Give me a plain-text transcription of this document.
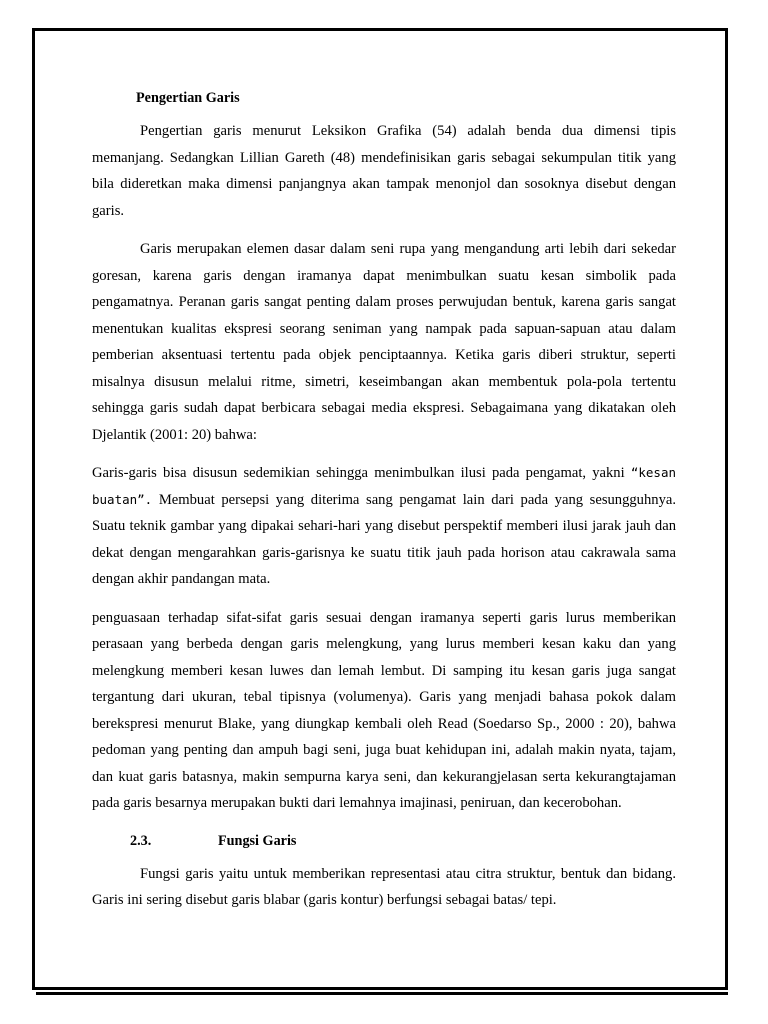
Pengertian Garis

Pengertian garis menurut Leksikon Grafika (54) adalah benda dua dimensi tipis memanjang. Sedangkan Lillian Gareth (48) mendefinisikan garis sebagai sekumpulan titik yang bila dideretkan maka dimensi panjangnya akan tampak menonjol dan sosoknya disebut dengan garis.

Garis merupakan elemen dasar dalam seni rupa yang mengandung arti lebih dari sekedar goresan, karena garis dengan iramanya dapat menimbulkan suatu kesan simbolik pada pengamatnya. Peranan garis sangat penting dalam proses perwujudan bentuk, karena garis sangat menentukan kualitas ekspresi seorang seniman yang nampak pada sapuan-sapuan atau dalam pemberian aksentuasi tertentu pada objek penciptaannya. Ketika garis diberi struktur, seperti misalnya disusun melalui ritme, simetri, keseimbangan akan membentuk pola-pola tertentu sehingga garis sudah dapat berbicara sebagai media ekspresi. Sebagaimana yang dikatakan oleh Djelantik (2001: 20) bahwa:

Garis-garis bisa disusun sedemikian sehingga menimbulkan ilusi pada pengamat, yakni “kesan buatan”. Membuat persepsi yang diterima sang pengamat lain dari pada yang sesungguhnya. Suatu teknik gambar yang dipakai sehari-hari yang disebut perspektif memberi ilusi jarak jauh dan dekat dengan mengarahkan garis-garisnya ke suatu titik jauh pada horison atau cakrawala sama dengan akhir pandangan mata.

penguasaan terhadap sifat-sifat garis sesuai dengan iramanya seperti garis lurus memberikan perasaan yang berbeda dengan garis melengkung, yang lurus memberi kesan kaku dan yang melengkung memberi kesan luwes dan lemah lembut. Di samping itu kesan garis juga sangat tergantung dari ukuran, tebal tipisnya (volumenya). Garis yang menjadi bahasa pokok dalam berekspresi menurut Blake, yang diungkap kembali oleh Read (Soedarso Sp., 2000 : 20), bahwa pedoman yang penting dan ampuh bagi seni, juga buat kehidupan ini, adalah makin nyata, tajam, dan kuat garis batasnya, makin sempurna karya seni, dan kekurangjelasan serta kekurangtajaman pada garis besarnya merupakan bukti dari lemahnya imajinasi, peniruan, dan kecerobohan.

2.3.	Fungsi Garis

Fungsi garis yaitu untuk memberikan representasi atau citra struktur, bentuk dan bidang. Garis ini sering disebut garis blabar (garis kontur) berfungsi sebagai batas/ tepi.
